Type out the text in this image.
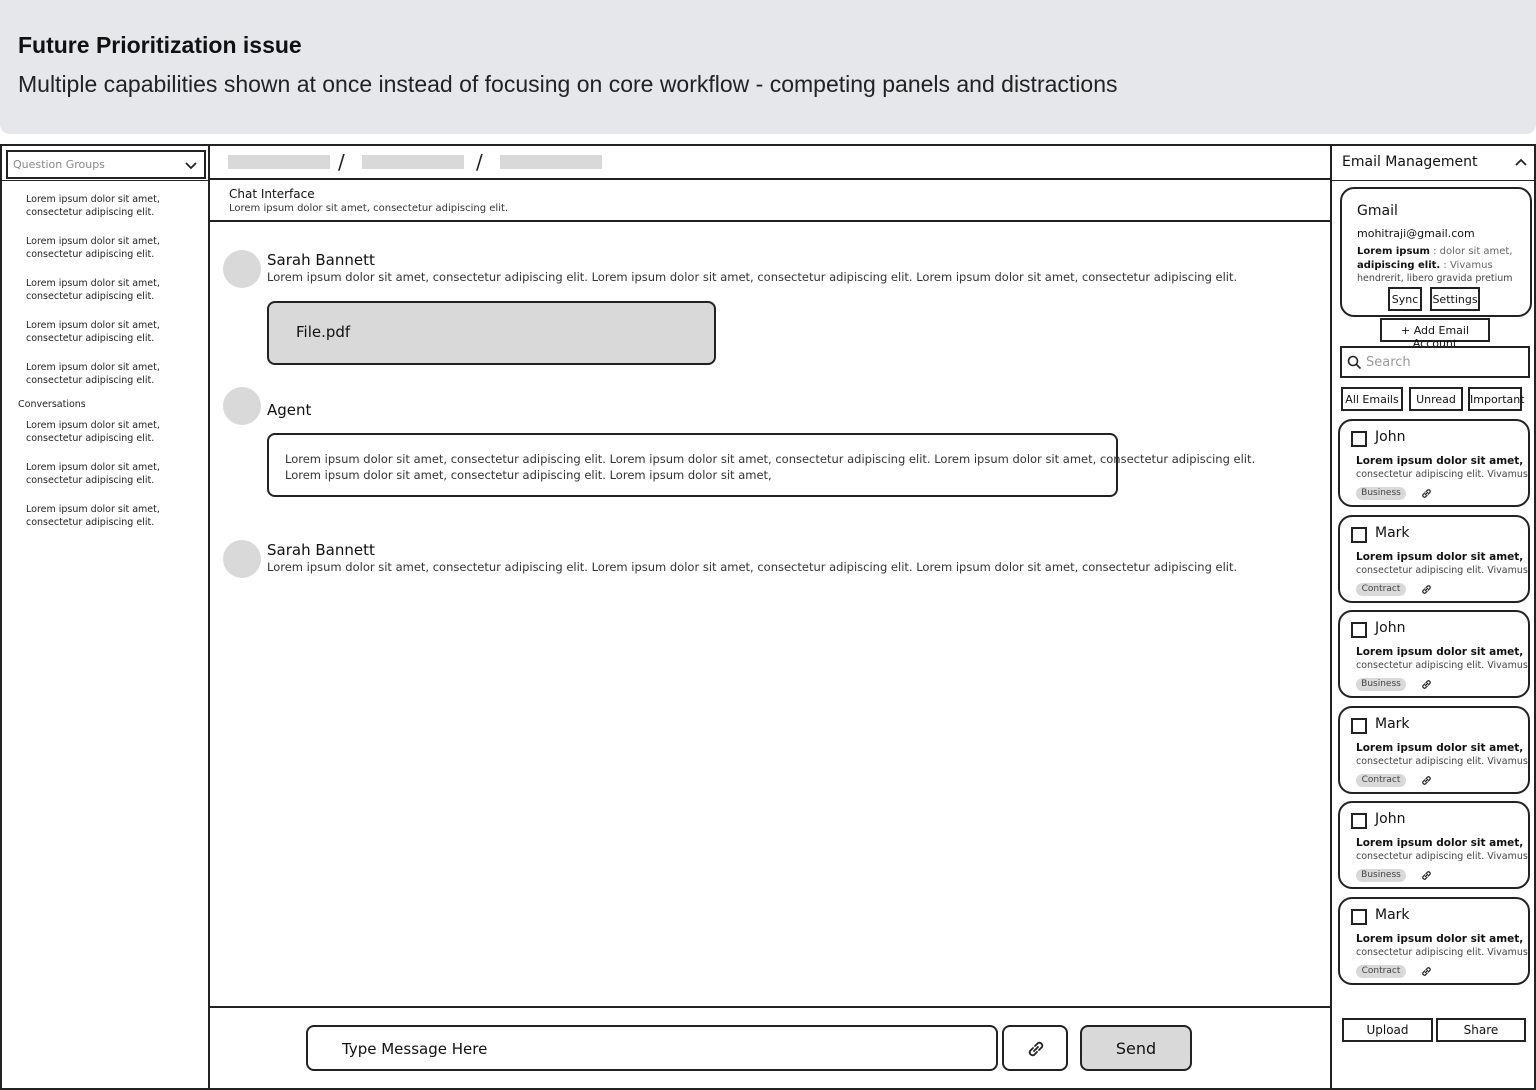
Future Prioritization issue
Multiple capabilities shown at once instead of focusing on core workflow - competing panels and distractions
Question Groups
Lorem ipsum dolor sit amet,
consectetur adipiscing elit.
Lorem ipsum dolor sit amet,
consectetur adipiscing elit.
Lorem ipsum dolor sit amet,
consectetur adipiscing elit.
Lorem ipsum dolor sit amet,
consectetur adipiscing elit.
Lorem ipsum dolor sit amet,
consectetur adipiscing elit.
Conversations
Lorem ipsum dolor sit amet,
consectetur adipiscing elit.
Lorem ipsum dolor sit amet,
consectetur adipiscing elit.
Lorem ipsum dolor sit amet,
consectetur adipiscing elit.
/	/
Chat Interface
Lorem ipsum dolor sit amet, consectetur adipiscing elit.
Sarah Bannett
Lorem ipsum dolor sit amet, consectetur adipiscing elit. Lorem ipsum dolor sit amet, consectetur adipiscing elit. Lorem ipsum dolor sit amet, consectetur adipiscing elit.
File.pdf
Agent
Lorem ipsum dolor sit amet, consectetur adipiscing elit. Lorem ipsum dolor sit amet, consectetur adipiscing elit. Lorem ipsum dolor sit amet, consectetur adipiscing elit.
Lorem ipsum dolor sit amet, consectetur adipiscing elit. Lorem ipsum dolor sit amet,
Sarah Bannett
Lorem ipsum dolor sit amet, consectetur adipiscing elit. Lorem ipsum dolor sit amet, consectetur adipiscing elit. Lorem ipsum dolor sit amet, consectetur adipiscing elit.
Type Message Here	Send
Email Management
Gmail
mohitraji@gmail.com
Lorem ipsum : dolor sit amet,
adipiscing elit. : Vivamus
hendrerit, libero gravida pretium
Sync	Settings
+ Add Email Account
Search
All Emails	Unread	Important
John
Lorem ipsum dolor sit amet,
consectetur adipiscing elit. Vivamus
Business
Mark
Lorem ipsum dolor sit amet,
consectetur adipiscing elit. Vivamus
Contract
John
Lorem ipsum dolor sit amet,
consectetur adipiscing elit. Vivamus
Business
Mark
Lorem ipsum dolor sit amet,
consectetur adipiscing elit. Vivamus
Contract
John
Lorem ipsum dolor sit amet,
consectetur adipiscing elit. Vivamus
Business
Mark
Lorem ipsum dolor sit amet,
consectetur adipiscing elit. Vivamus
Contract
Upload	Share
